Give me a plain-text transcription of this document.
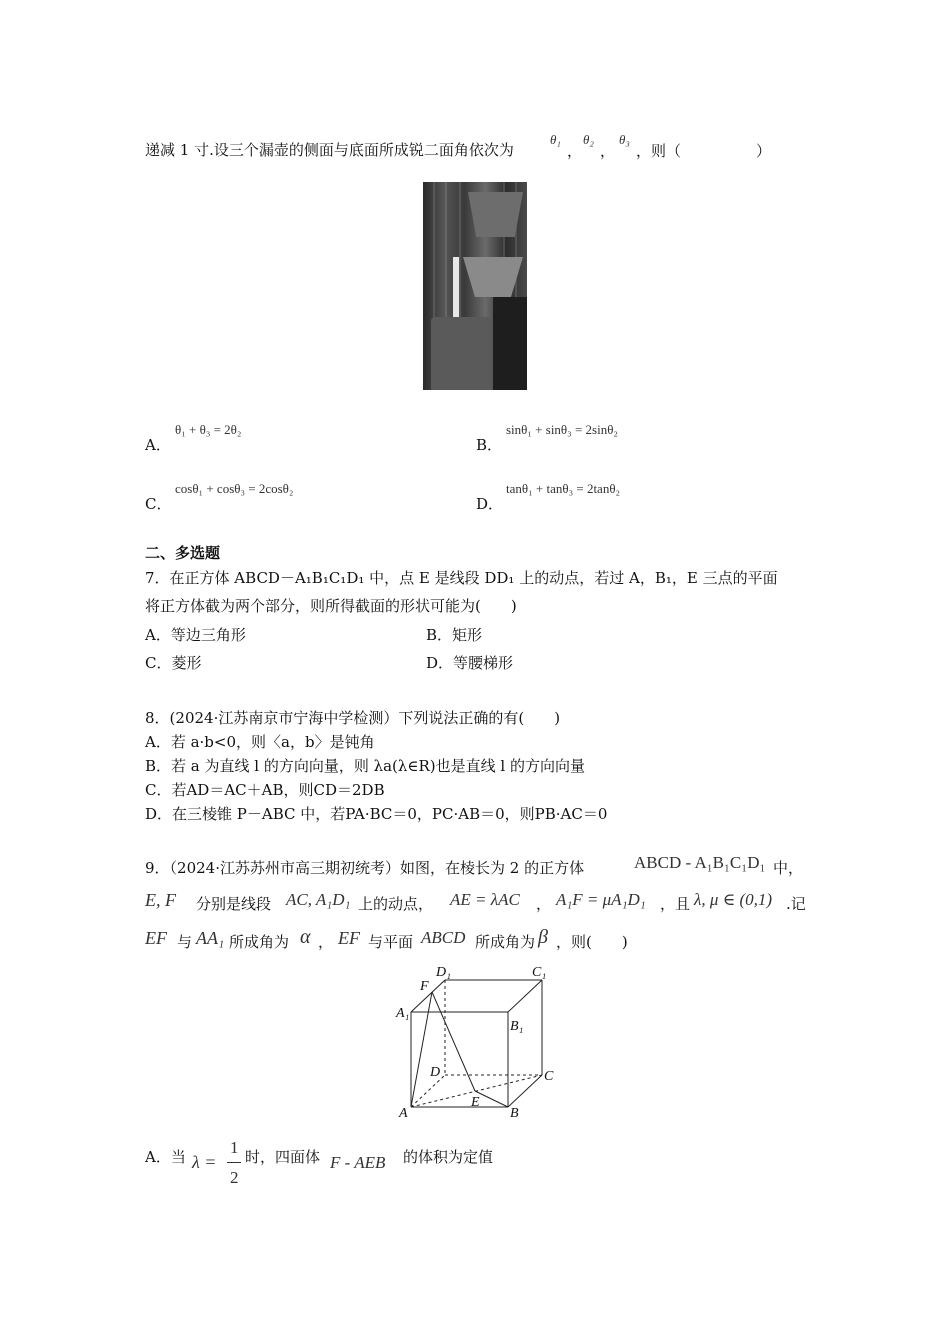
递减 1 寸.设三个漏壶的侧面与底面所成锐二面角依次为
θ₁
，
θ₂
，
θ₃
，则（　　　　　）
A．
θ₁ + θ₃ = 2θ₂
B．
sinθ₁ + sinθ₃ = 2sinθ₂
C．
cosθ₁ + cosθ₃ = 2cosθ₂
D．
tanθ₁ + tanθ₃ = 2tanθ₂
二、多选题
7．在正方体 ABCD－A₁B₁C₁D₁ 中，点 E 是线段 DD₁ 上的动点，若过 A，B₁，E 三点的平面
将正方体截为两个部分，则所得截面的形状可能为(　　)
A．等边三角形	B．矩形
C．菱形	D．等腰梯形
8．(2024·江苏南京市宁海中学检测）下列说法正确的有(　　)
A．若 a·b<0，则〈a，b〉是钝角
B．若 a 为直线 l 的方向向量，则 λa(λ∈R)也是直线 l 的方向向量
C．若AD＝AC＋AB，则CD＝2DB
D．在三棱锥 P－ABC 中，若PA·BC＝0，PC·AB＝0，则PB·AC＝0
9．（2024·江苏苏州市高三期初统考）如图，在棱长为 2 的正方体	ABCD - A₁B₁C₁D₁ 中，
E, F 分别是线段 AC, A₁D₁ 上的动点， AE = λAC ， A₁F = μA₁D₁ ，且 λ, μ ∈ (0,1) .记
EF 与 AA₁ 所成角为 α ， EF 与平面 ABCD 所成角为 β ，则(　　)
D₁	C₁
F
A₁
B₁
D	C
E
A	B
A．当 λ =
1
2
时，四面体 F - AEB 的体积为定值
